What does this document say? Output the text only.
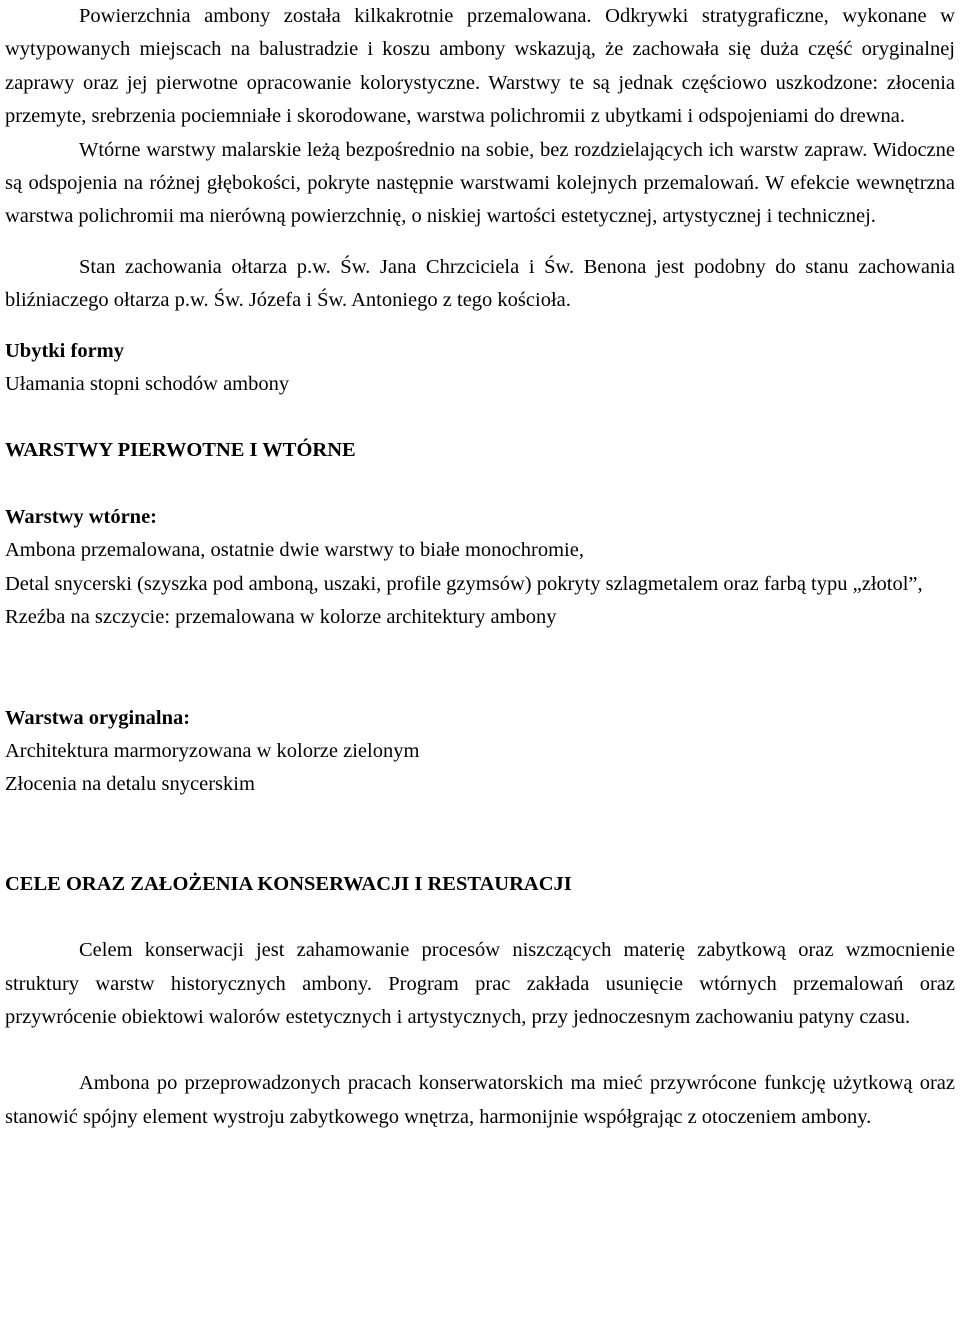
Powierzchnia ambony została kilkakrotnie przemalowana. Odkrywki stratygraficzne, wykonane w wytypowanych miejscach na balustradzie i koszu ambony wskazują, że zachowała się duża część oryginalnej zaprawy oraz jej pierwotne opracowanie kolorystyczne. Warstwy te są jednak częściowo uszkodzone: złocenia przemyte, srebrzenia pociemniałe i skorodowane, warstwa polichromii z ubytkami i odspojeniami do drewna.

Wtórne warstwy malarskie leżą bezpośrednio na sobie, bez rozdzielających ich warstw zapraw. Widoczne są odspojenia na różnej głębokości, pokryte następnie warstwami kolejnych przemalowań. W efekcie wewnętrzna warstwa polichromii ma nierówną powierzchnię, o niskiej wartości estetycznej, artystycznej i technicznej.

Stan zachowania ołtarza p.w. Św. Jana Chrzciciela i Św. Benona jest podobny do stanu zachowania bliźniaczego ołtarza p.w. Św. Józefa i Św. Antoniego z tego kościoła.

Ubytki formy

Ułamania stopni schodów ambony

WARSTWY PIERWOTNE I WTÓRNE

Warstwy wtórne:

Ambona przemalowana, ostatnie dwie warstwy to białe monochromie,

Detal snycerski (szyszka pod amboną, uszaki, profile gzymsów) pokryty szlagmetalem oraz farbą typu „złotol”,

Rzeźba na szczycie: przemalowana w kolorze architektury ambony

Warstwa oryginalna:

Architektura marmoryzowana w kolorze zielonym

Złocenia na detalu snycerskim

CELE ORAZ ZAŁOŻENIA KONSERWACJI I RESTAURACJI

Celem konserwacji jest zahamowanie procesów niszczących materię zabytkową oraz wzmocnienie struktury warstw historycznych ambony. Program prac zakłada usunięcie wtórnych przemalowań oraz przywrócenie obiektowi walorów estetycznych i artystycznych, przy jednoczesnym zachowaniu patyny czasu.

Ambona po przeprowadzonych pracach konserwatorskich ma mieć przywrócone funkcję użytkową oraz stanowić spójny element wystroju zabytkowego wnętrza, harmonijnie współgrając z otoczeniem ambony.
